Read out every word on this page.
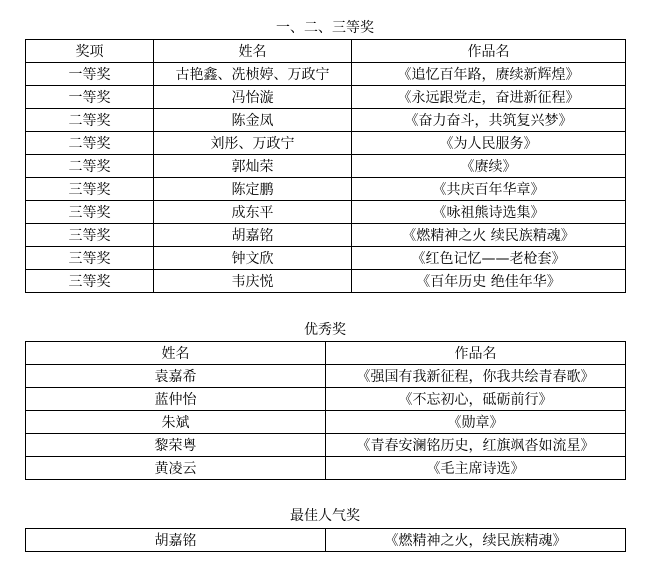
一、二、三等奖
奖项	姓名	作品名
一等奖	古艳鑫、冼桢婷、万政宁	《追忆百年路，赓续新辉煌》
一等奖	冯怡漩	《永远跟党走，奋进新征程》
二等奖	陈金凤	《奋力奋斗，共筑复兴梦》
二等奖	刘彤、万政宁	《为人民服务》
二等奖	郭灿荣	《赓续》
三等奖	陈定鹏	《共庆百年华章》
三等奖	成东平	《咏祖熊诗选集》
三等奖	胡嘉铭	《燃精神之火 续民族精魂》
三等奖	钟文欣	《红色记忆——老枪套》
三等奖	韦庆悦	《百年历史 绝佳年华》
优秀奖
姓名	作品名
袁嘉希	《强国有我新征程，你我共绘青春歌》
蓝仲怡	《不忘初心，砥砺前行》
朱斌	《勋章》
黎荣粤	《青春安澜铭历史，红旗飒沓如流星》
黄凌云	《毛主席诗选》
最佳人气奖
胡嘉铭	《燃精神之火，续民族精魂》
